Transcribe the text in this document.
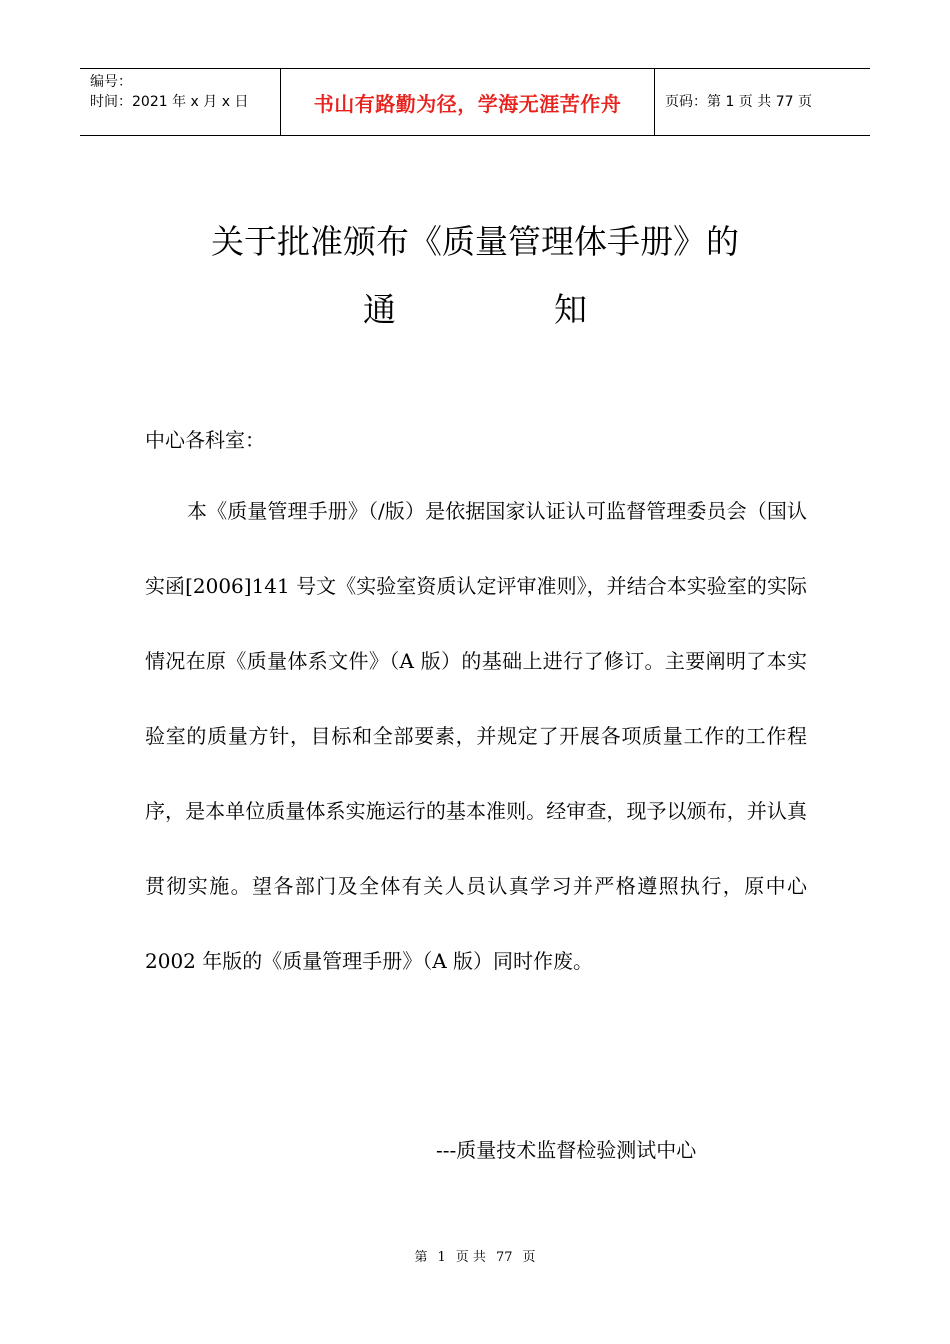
编号：
时间：2021 年 x 月 x 日	书山有路勤为径，学海无涯苦作舟	页码：第 1 页 共 77 页
关于批准颁布《质量管理体手册》的
通	知
中心各科室：
本《质量管理手册》（/版）是依据国家认证认可监督管理委员会（国认实函[2006]141 号文《实验室资质认定评审准则》，并结合本实验室的实际情况在原《质量体系文件》（A 版）的基础上进行了修订。主要阐明了本实验室的质量方针，目标和全部要素，并规定了开展各项质量工作的工作程序，是本单位质量体系实施运行的基本准则。经审查，现予以颁布，并认真贯彻实施。望各部门及全体有关人员认真学习并严格遵照执行，原中心 2002 年版的《质量管理手册》（A 版）同时作废。
---质量技术监督检验测试中心
第 1 页 共 77 页
